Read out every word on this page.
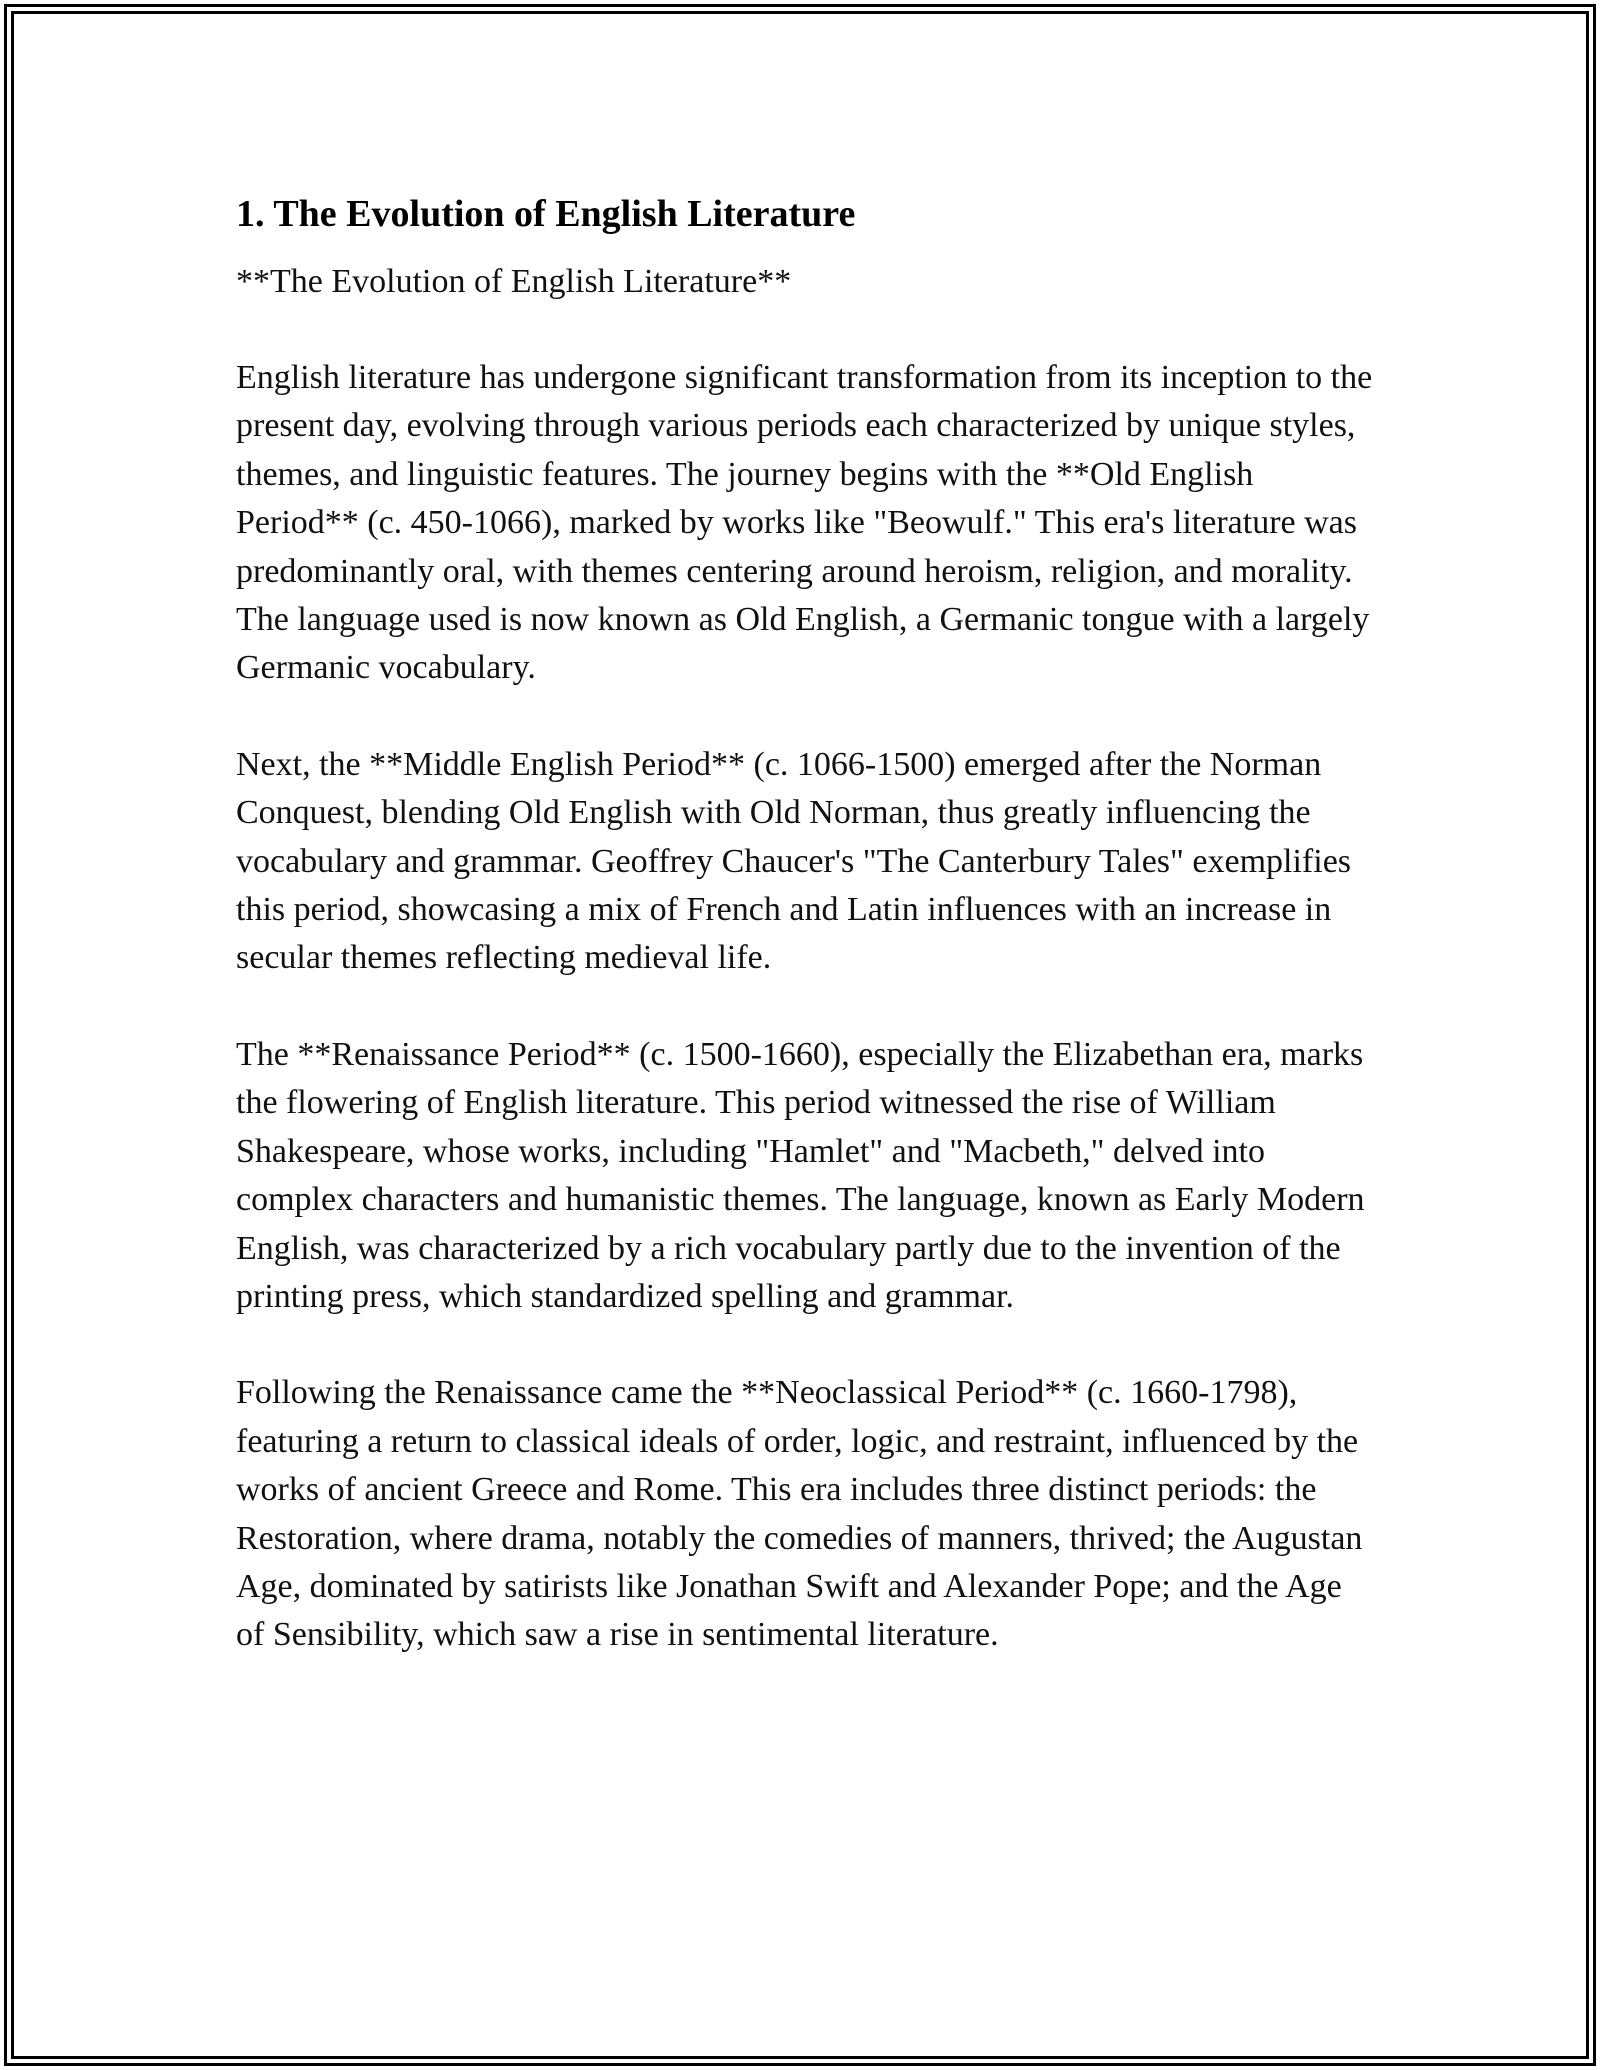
1. The Evolution of English Literature

**The Evolution of English Literature**

English literature has undergone significant transformation from its inception to the present day, evolving through various periods each characterized by unique styles, themes, and linguistic features. The journey begins with the **Old English Period** (c. 450-1066), marked by works like "Beowulf." This era's literature was predominantly oral, with themes centering around heroism, religion, and morality. The language used is now known as Old English, a Germanic tongue with a largely Germanic vocabulary.

Next, the **Middle English Period** (c. 1066-1500) emerged after the Norman Conquest, blending Old English with Old Norman, thus greatly influencing the vocabulary and grammar. Geoffrey Chaucer's "The Canterbury Tales" exemplifies this period, showcasing a mix of French and Latin influences with an increase in secular themes reflecting medieval life.

The **Renaissance Period** (c. 1500-1660), especially the Elizabethan era, marks the flowering of English literature. This period witnessed the rise of William Shakespeare, whose works, including "Hamlet" and "Macbeth," delved into complex characters and humanistic themes. The language, known as Early Modern English, was characterized by a rich vocabulary partly due to the invention of the printing press, which standardized spelling and grammar.

Following the Renaissance came the **Neoclassical Period** (c. 1660-1798), featuring a return to classical ideals of order, logic, and restraint, influenced by the works of ancient Greece and Rome. This era includes three distinct periods: the Restoration, where drama, notably the comedies of manners, thrived; the Augustan Age, dominated by satirists like Jonathan Swift and Alexander Pope; and the Age of Sensibility, which saw a rise in sentimental literature.
